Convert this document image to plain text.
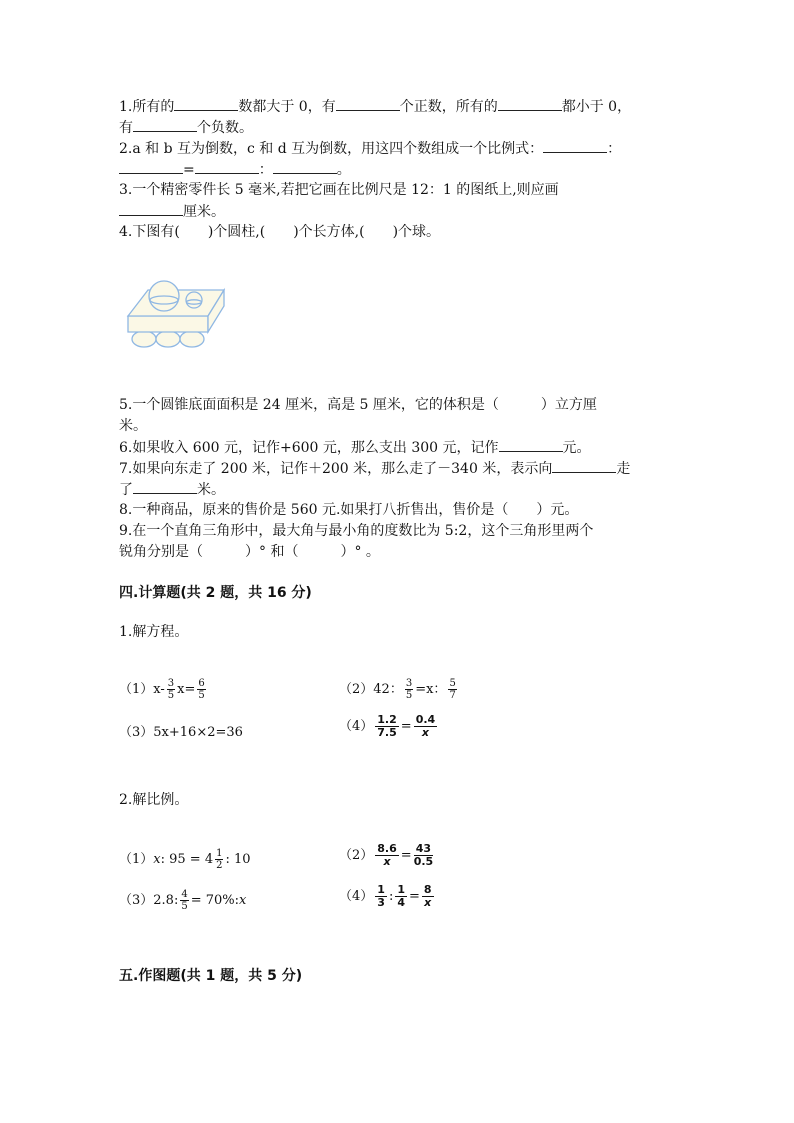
1.所有的	数都大于 0，有	个正数，所有的	都小于 0，
有	个负数。
2.a 和 b 互为倒数，c 和 d 互为倒数，用这四个数组成一个比例式：	：
=	：	。
3.一个精密零件长 5 毫米,若把它画在比例尺是 12：1 的图纸上,则应画
厘米。
4.下图有(　　)个圆柱,(　　)个长方体,(　　)个球。
5.一个圆锥底面面积是 24 厘米，高是 5 厘米，它的体积是（　　　）立方厘
米。
6.如果收入 600 元，记作+600 元，那么支出 300 元，记作	元。
7.如果向东走了 200 米，记作＋200 米，那么走了－340 米，表示向	走
了	米。
8.一种商品，原来的售价是 560 元.如果打八折售出，售价是（　　）元。
9.在一个直角三角形中，最大角与最小角的度数比为 5:2，这个三角形里两个
锐角分别是（　　　）° 和（　　　）° 。
四.计算题(共 2 题，共 16 分)
1.解方程。
$(1)x- \frac{3}{5} x= \frac{6}{5}$	（2）42： $\frac{3}{5} =x$： $\frac{5}{7}$
（3）5x+16×2=36	$(4) \frac{1.2}{7.5} = \frac{0.4}{x}$
2.解比例。
（1）x: $95 = 4 \frac{1}{2}$ : 10	$(2) \frac{8.6}{x} = \frac{43}{0.5}$
（3）2.8: $\frac{4}{5}$ = 70%:x	$(4) \frac{1}{3}$ : $\frac{1}{4} = \frac{8}{x}$
五.作图题(共 1 题，共 5 分)
